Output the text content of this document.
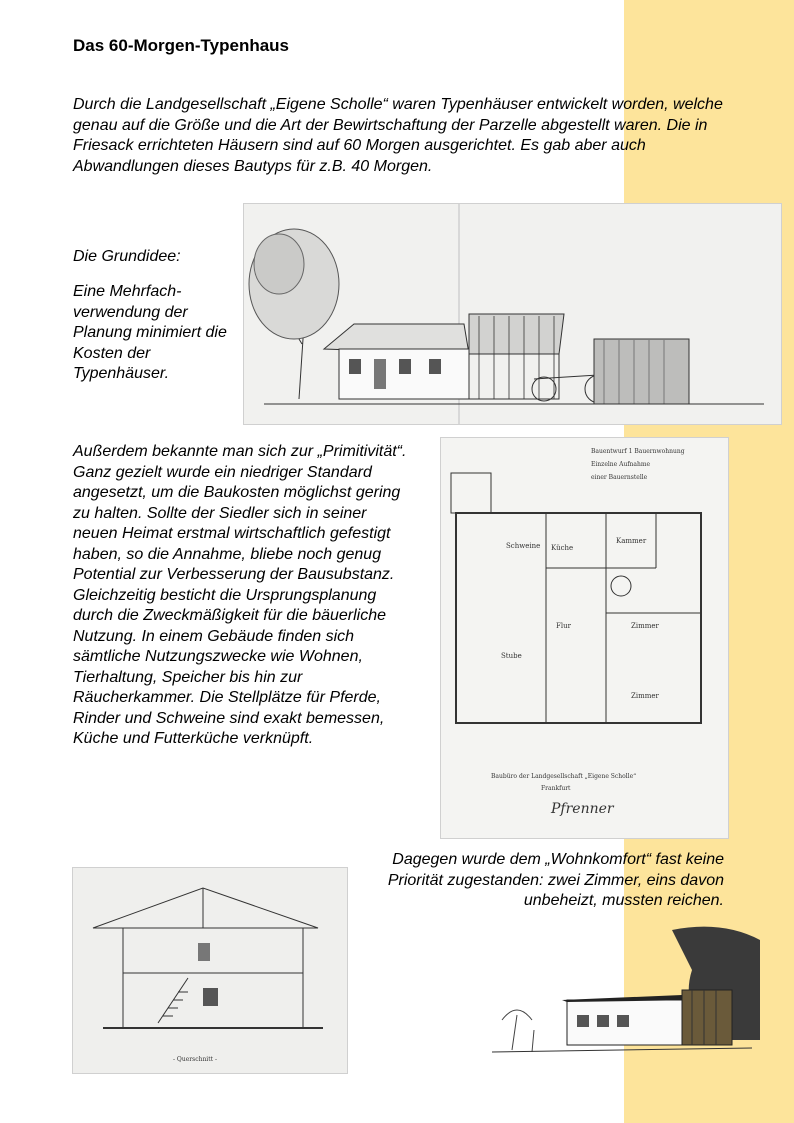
Das 60-Morgen-Typenhaus
Durch die Landgesellschaft „Eigene Scholle“ waren Typenhäuser entwickelt worden, welche genau auf die Größe und die Art der Bewirtschaftung der Parzelle abgestellt waren. Die in Friesack errichteten Häusern sind auf 60 Morgen ausgerichtet. Es gab aber auch Abwandlungen dieses Bautyps für z.B. 40 Morgen.
Die Grundidee:
Eine Mehrfach-verwendung der Planung minimiert die Kosten der Typenhäuser.
Außerdem bekannte man sich zur „Primitivität“. Ganz gezielt wurde ein niedriger Standard angesetzt, um die Baukosten möglichst gering zu halten. Sollte der Siedler sich in seiner neuen Heimat erstmal wirtschaftlich gefestigt haben, so die Annahme, bliebe noch genug Potential zur Verbesserung der Bausubstanz.
Gleichzeitig besticht die Ursprungsplanung durch die Zweckmäßigkeit für die bäuerliche Nutzung. In einem Gebäude finden sich sämtliche Nutzungszwecke wie Wohnen, Tierhaltung, Speicher bis hin zur Räucherkammer. Die Stellplätze für Pferde, Rinder und Schweine sind exakt bemessen, Küche und Futterküche verknüpft.
Dagegen wurde dem „Wohnkomfort“ fast keine Priorität zugestanden: zwei Zimmer, eins davon unbeheizt, mussten reichen.
Bauentwurf 1 Bauernwohnung
Einzelne Aufnahme
einer Bauernstelle
Küche
Schweine
Kammer
Flur
Stube
Zimmer
Zimmer
Baubüro der Landgesellschaft „Eigene Scholle“
Frankfurt
Pfrenner
- Querschnitt -
